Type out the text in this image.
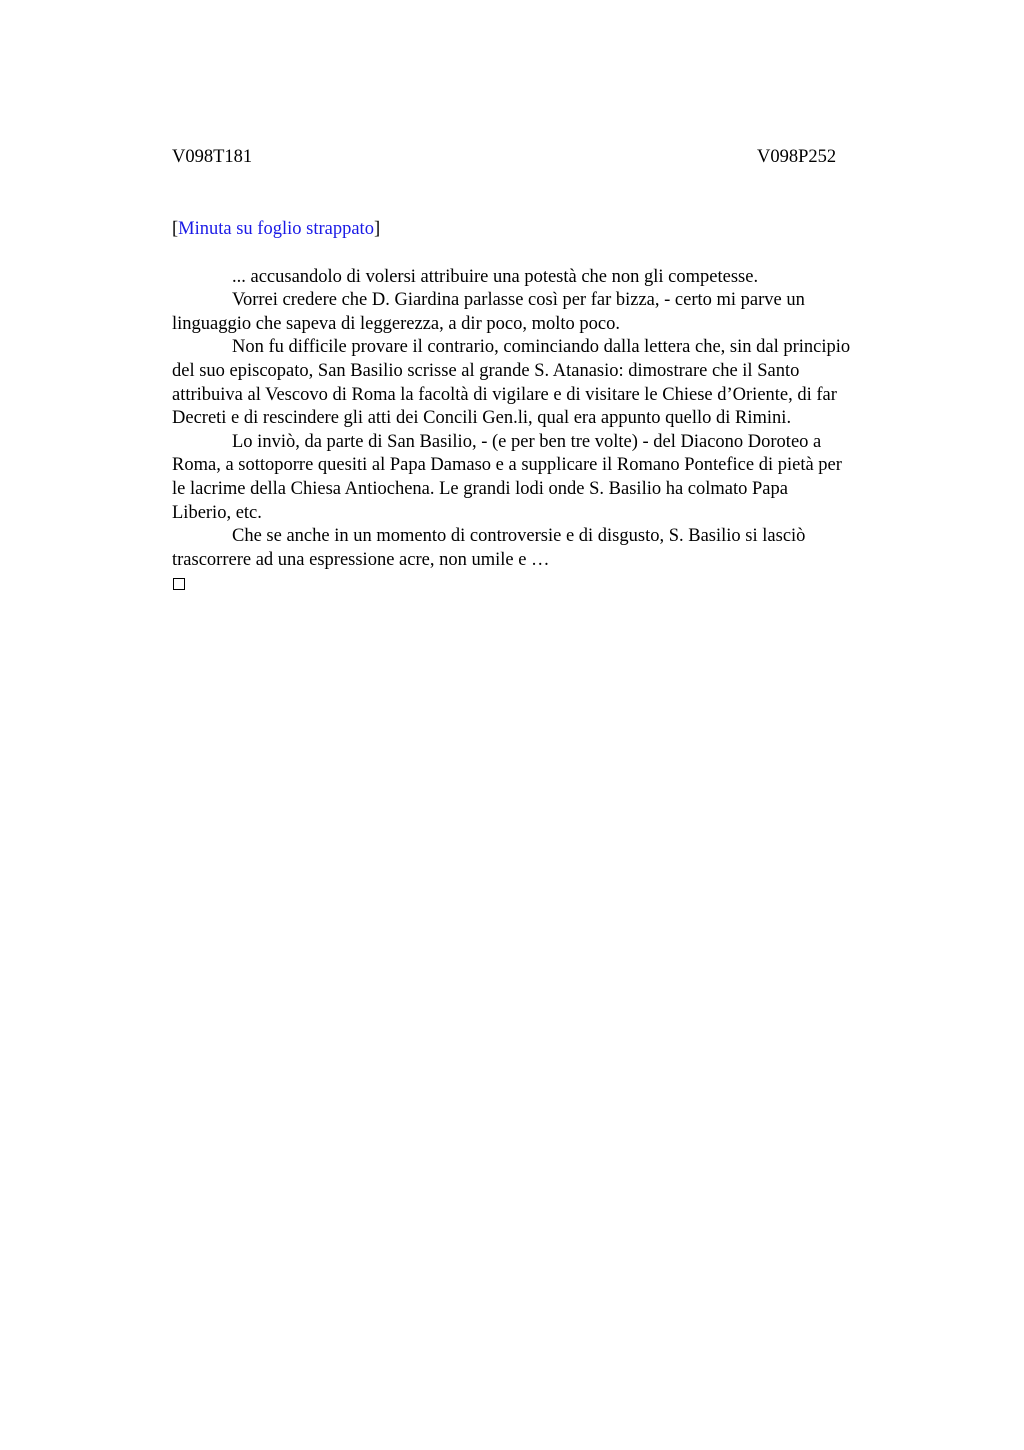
V098T181	V098P252
[Minuta su foglio strappato]

... accusandolo di volersi attribuire una potestà che non gli competesse.

Vorrei credere che D. Giardina parlasse così per far bizza, - certo mi parve un
linguaggio che sapeva di leggerezza, a dir poco, molto poco.

Non fu difficile provare il contrario, cominciando dalla lettera che, sin dal principio
del suo episcopato, San Basilio scrisse al grande S. Atanasio: dimostrare che il Santo
attribuiva al Vescovo di Roma la facoltà di vigilare e di visitare le Chiese d’Oriente, di far
Decreti e di rescindere gli atti dei Concili Gen.li, qual era appunto quello di Rimini.

Lo inviò, da parte di San Basilio, - (e per ben tre volte) - del Diacono Doroteo a
Roma, a sottoporre quesiti al Papa Damaso e a supplicare il Romano Pontefice di pietà per
le lacrime della Chiesa Antiochena. Le grandi lodi onde S. Basilio ha colmato Papa
Liberio, etc.

Che se anche in un momento di controversie e di disgusto, S. Basilio si lasciò
trascorrere ad una espressione acre, non umile e …
